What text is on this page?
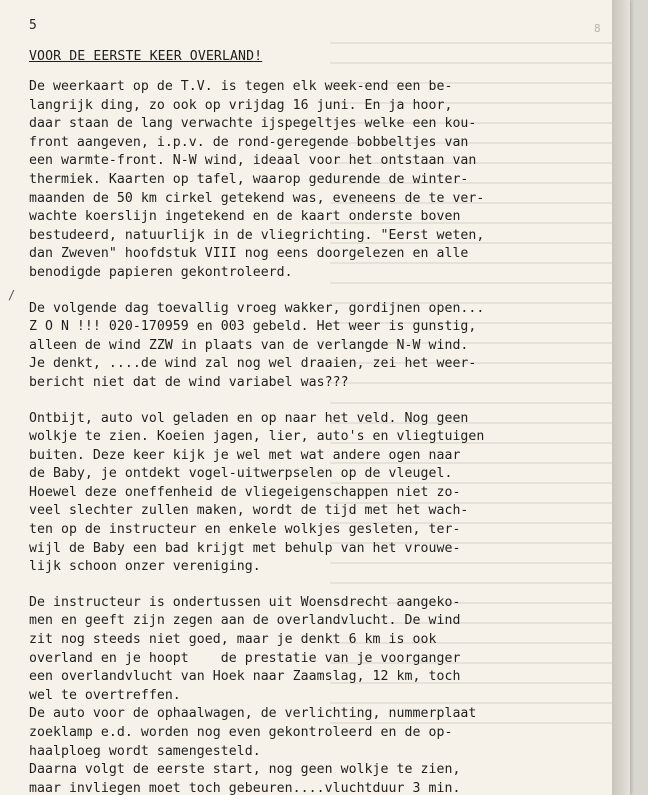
5	8
/
VOOR DE EERSTE KEER OVERLAND!
De weerkaart op de T.V. is tegen elk week-end een be-
langrijk ding, zo ook op vrijdag 16 juni. En ja hoor,
daar staan de lang verwachte ijspegeltjes welke een kou-
front aangeven, i.p.v. de rond-geregende bobbeltjes van
een warmte-front. N-W wind, ideaal voor het ontstaan van
thermiek. Kaarten op tafel, waarop gedurende de winter-
maanden de 50 km cirkel getekend was, eveneens de te ver-
wachte koerslijn ingetekend en de kaart onderste boven
bestudeerd, natuurlijk in de vliegrichting. "Eerst weten,
dan Zweven" hoofdstuk VIII nog eens doorgelezen en alle
benodigde papieren gekontroleerd.
De volgende dag toevallig vroeg wakker, gordijnen open...
Z O N !!! 020-170959 en 003 gebeld. Het weer is gunstig,
alleen de wind ZZW in plaats van de verlangde N-W wind.
Je denkt, ....de wind zal nog wel draaien, zei het weer-
bericht niet dat de wind variabel was???
Ontbijt, auto vol geladen en op naar het veld. Nog geen
wolkje te zien. Koeien jagen, lier, auto's en vliegtuigen
buiten. Deze keer kijk je wel met wat andere ogen naar
de Baby, je ontdekt vogel-uitwerpselen op de vleugel.
Hoewel deze oneffenheid de vliegeigenschappen niet zo-
veel slechter zullen maken, wordt de tijd met het wach-
ten op de instructeur en enkele wolkjes gesleten, ter-
wijl de Baby een bad krijgt met behulp van het vrouwe-
lijk schoon onzer vereniging.
De instructeur is ondertussen uit Woensdrecht aangeko-
men en geeft zijn zegen aan de overlandvlucht. De wind
zit nog steeds niet goed, maar je denkt 6 km is ook
overland en je hoopt    de prestatie van je voorganger
een overlandvlucht van Hoek naar Zaamslag, 12 km, toch
wel te overtreffen.
De auto voor de ophaalwagen, de verlichting, nummerplaat
zoeklamp e.d. worden nog even gekontroleerd en de op-
haalploeg wordt samengesteld.
Daarna volgt de eerste start, nog geen wolkje te zien,
maar invliegen moet toch gebeuren....vluchtduur 3 min.
